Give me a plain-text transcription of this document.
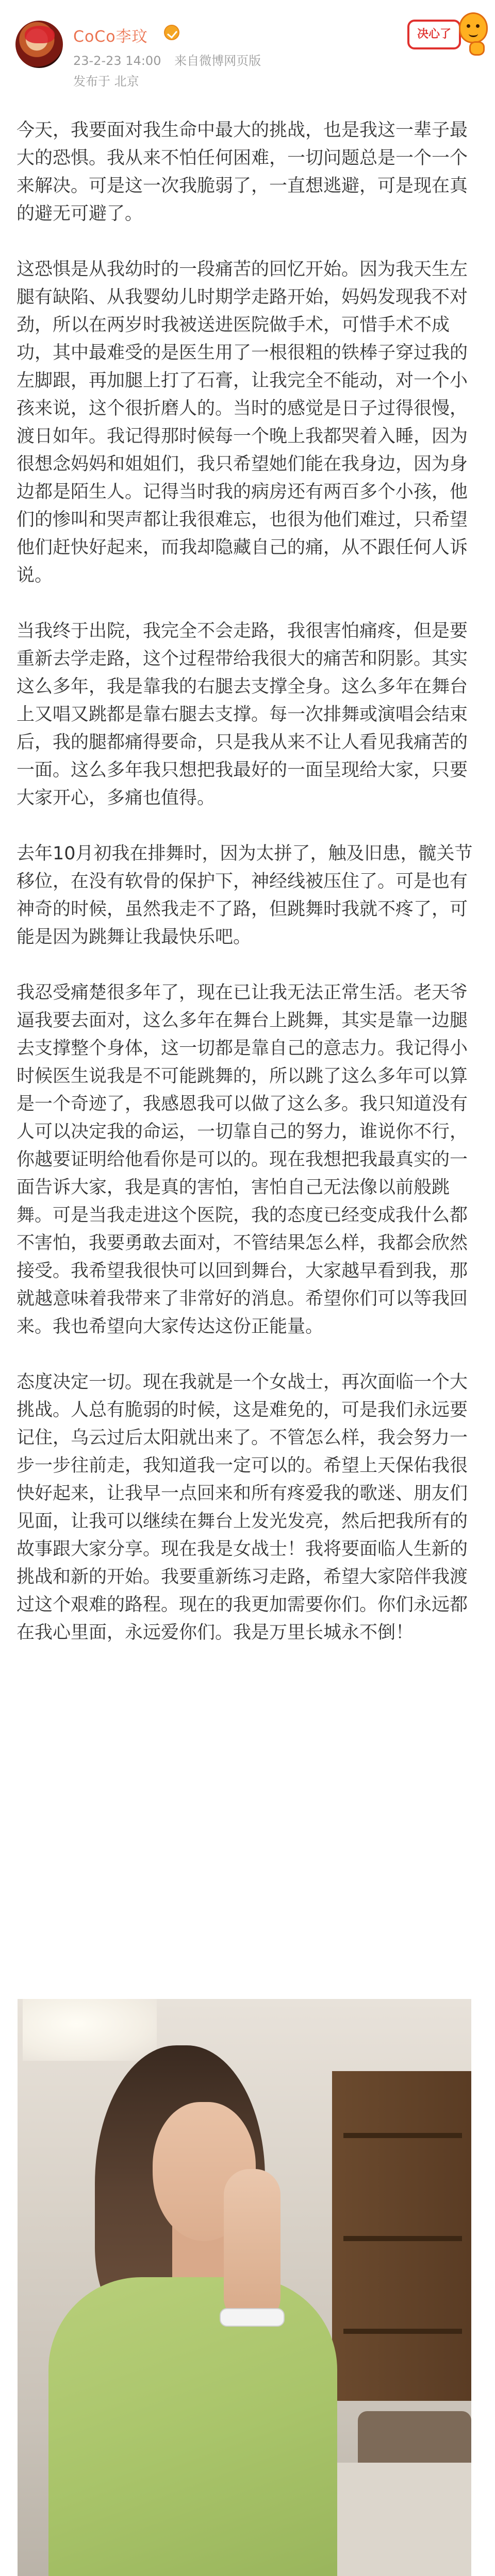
CoCo李玟
23-2-23 14:00 来自微博网页版
发布于 北京
决心了

今天，我要面对我生命中最大的挑战，也是我这一辈子最大的恐惧。我从来不怕任何困难，一切问题总是一个一个来解决。可是这一次我脆弱了，一直想逃避，可是现在真的避无可避了。

这恐惧是从我幼时的一段痛苦的回忆开始。因为我天生左腿有缺陷、从我婴幼儿时期学走路开始，妈妈发现我不对劲，所以在两岁时我被送进医院做手术，可惜手术不成功，其中最难受的是医生用了一根很粗的铁棒子穿过我的左脚跟，再加腿上打了石膏，让我完全不能动，对一个小孩来说，这个很折磨人的。当时的感觉是日子过得很慢，渡日如年。我记得那时候每一个晚上我都哭着入睡，因为很想念妈妈和姐姐们，我只希望她们能在我身边，因为身边都是陌生人。记得当时我的病房还有两百多个小孩，他们的惨叫和哭声都让我很难忘，也很为他们难过，只希望他们赶快好起来，而我却隐藏自己的痛，从不跟任何人诉说。

当我终于出院，我完全不会走路，我很害怕痛疼，但是要重新去学走路，这个过程带给我很大的痛苦和阴影。其实这么多年，我是靠我的右腿去支撑全身。这么多年在舞台上又唱又跳都是靠右腿去支撑。每一次排舞或演唱会结束后，我的腿都痛得要命，只是我从来不让人看见我痛苦的一面。这么多年我只想把我最好的一面呈现给大家，只要大家开心，多痛也值得。

去年10月初我在排舞时，因为太拼了，触及旧患，髋关节移位，在没有软骨的保护下，神经线被压住了。可是也有神奇的时候，虽然我走不了路，但跳舞时我就不疼了，可能是因为跳舞让我最快乐吧。

我忍受痛楚很多年了，现在已让我无法正常生活。老天爷逼我要去面对，这么多年在舞台上跳舞，其实是靠一边腿去支撑整个身体，这一切都是靠自己的意志力。我记得小时候医生说我是不可能跳舞的，所以跳了这么多年可以算是一个奇迹了，我感恩我可以做了这么多。我只知道没有人可以决定我的命运，一切靠自己的努力，谁说你不行，你越要证明给他看你是可以的。现在我想把我最真实的一面告诉大家，我是真的害怕，害怕自己无法像以前般跳舞。可是当我走进这个医院，我的态度已经变成我什么都不害怕，我要勇敢去面对，不管结果怎么样，我都会欣然接受。我希望我很快可以回到舞台，大家越早看到我，那就越意味着我带来了非常好的消息。希望你们可以等我回来。我也希望向大家传达这份正能量。

态度决定一切。现在我就是一个女战士，再次面临一个大挑战。人总有脆弱的时候，这是难免的，可是我们永远要记住，乌云过后太阳就出来了。不管怎么样，我会努力一步一步往前走，我知道我一定可以的。希望上天保佑我很快好起来，让我早一点回来和所有疼爱我的歌迷、朋友们见面，让我可以继续在舞台上发光发亮，然后把我所有的故事跟大家分享。现在我是女战士！我将要面临人生新的挑战和新的开始。我要重新练习走路，希望大家陪伴我渡过这个艰难的路程。现在的我更加需要你们。你们永远都在我心里面，永远爱你们。我是万里长城永不倒！
